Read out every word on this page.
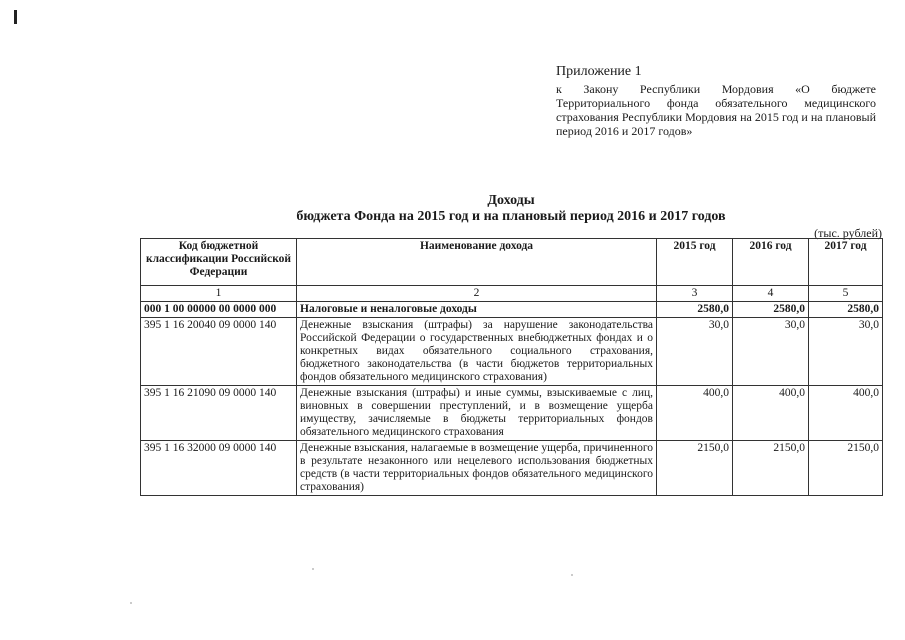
Приложение 1
к Закону Республики Мордовия «О бюджете Территориального фонда обязательного медицинского страхования Республики Мордовия на 2015 год и на плановый период 2016 и 2017 годов»
Доходы
бюджета Фонда на 2015 год и на плановый период 2016 и 2017 годов
(тыс. рублей)
Код бюджетной классификации Российской Федерации	Наименование дохода	2015 год	2016 год	2017 год
1	2	3	4	5
000 1 00 00000 00 0000 000	Налоговые и неналоговые доходы	2580,0	2580,0	2580,0
395 1 16 20040 09 0000 140	Денежные взыскания (штрафы) за нарушение законодательства Российской Федерации о государственных внебюджетных фондах и о конкретных видах обязательного социального страхования, бюджетного законодательства (в части бюджетов территориальных фондов обязательного медицинского страхования)	30,0	30,0	30,0
395 1 16 21090 09 0000 140	Денежные взыскания (штрафы) и иные суммы, взыскиваемые с лиц, виновных в совершении преступлений, и в возмещение ущерба имуществу, зачисляемые в бюджеты территориальных фондов обязательного медицинского страхования	400,0	400,0	400,0
395 1 16 32000 09 0000 140	Денежные взыскания, налагаемые в возмещение ущерба, причиненного в результате незаконного или нецелевого использования бюджетных средств (в части территориальных фондов обязательного медицинского страхования)	2150,0	2150,0	2150,0
